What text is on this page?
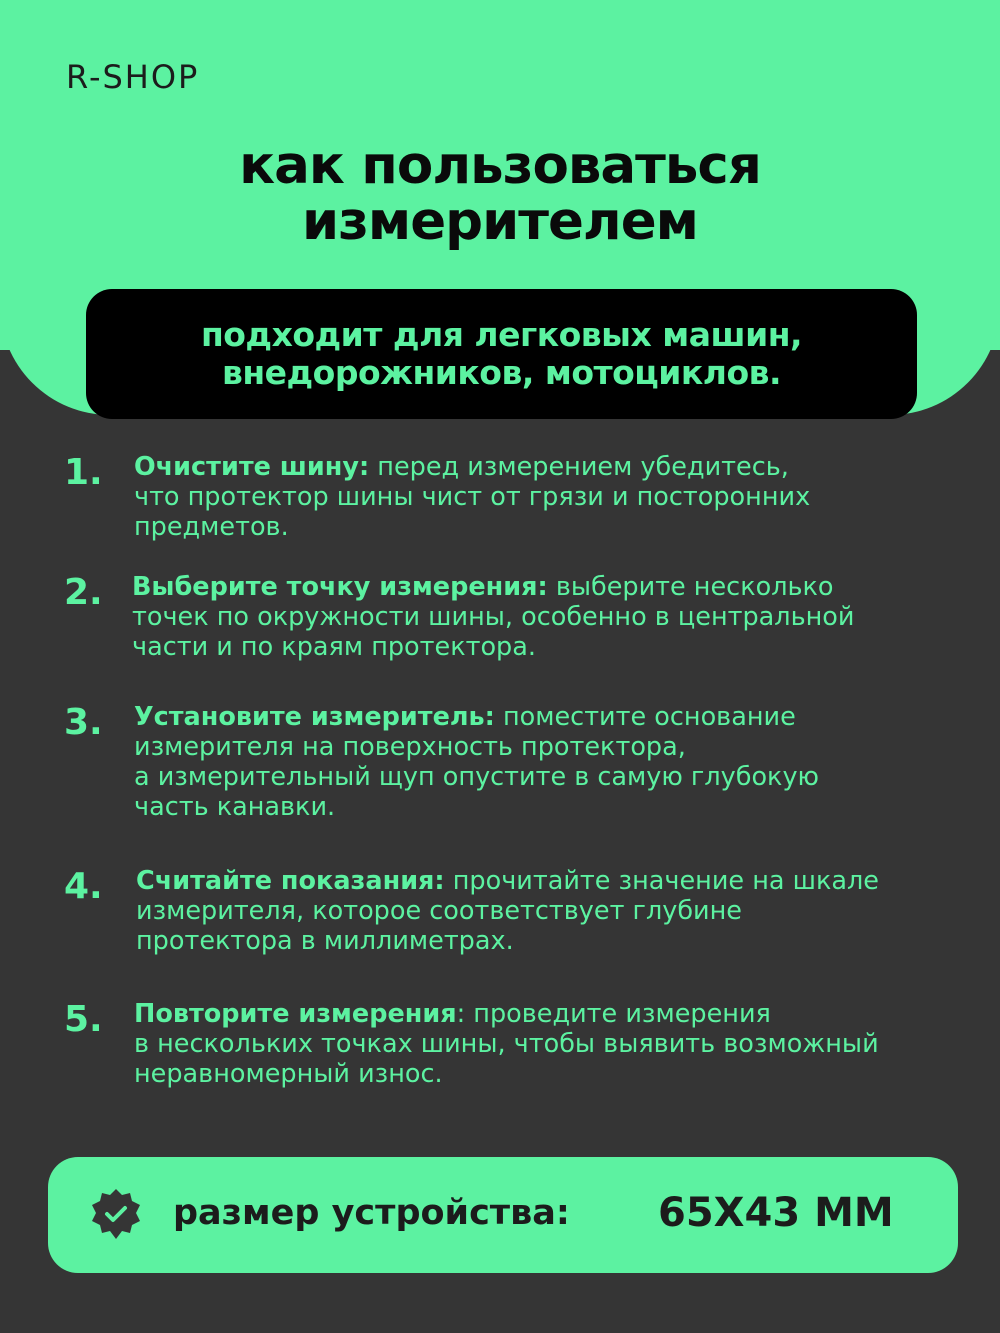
R-SHOP
как пользоваться
измерителем
подходит для легковых машин,
внедорожников, мотоциклов.
1. Очистите шину: перед измерением убедитесь,
что протектор шины чист от грязи и посторонних
предметов.
2. Выберите точку измерения: выберите несколько
точек по окружности шины, особенно в центральной
части и по краям протектора.
3. Установите измеритель: поместите основание
измерителя на поверхность протектора,
а измерительный щуп опустите в самую глубокую
часть канавки.
4. Считайте показания: прочитайте значение на шкале
измерителя, которое соответствует глубине
протектора в миллиметрах.
5. Повторите измерения: проведите измерения
в нескольких точках шины, чтобы выявить возможный
неравномерный износ.
размер устройства: 65X43 MM
